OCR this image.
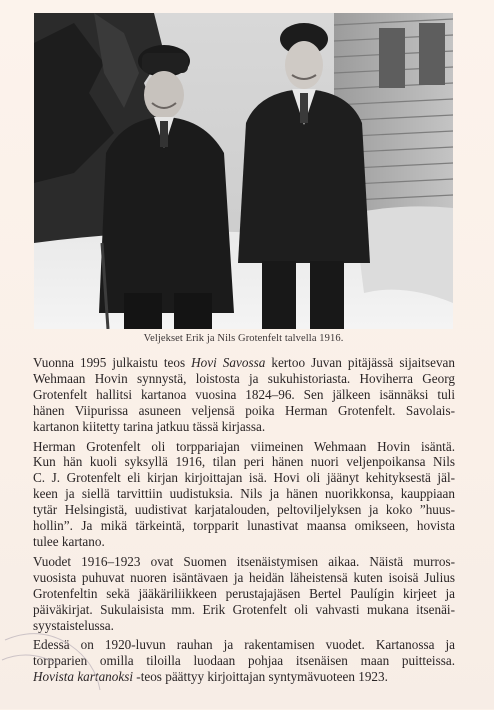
Veljekset Erik ja Nils Grotenfelt talvella 1916.
Vuonna 1995 julkaistu teos Hovi Savossa kertoo Juvan pitäjässä sijaitsevan
Wehmaan Hovin synnystä, loistosta ja sukuhistoriasta. Hoviherra Georg
Grotenfelt hallitsi kartanoa vuosina 1824–96. Sen jälkeen isännäksi tuli
hänen Viipurissa asuneen veljensä poika Herman Grotenfelt. Savolais-
kartanon kiitetty tarina jatkuu tässä kirjassa.
Herman Grotenfelt oli torppariajan viimeinen Wehmaan Hovin isäntä.
Kun hän kuoli syksyllä 1916, tilan peri hänen nuori veljenpoikansa Nils
C. J. Grotenfelt eli kirjan kirjoittajan isä. Hovi oli jäänyt kehityksestä jäl-
keen ja siellä tarvittiin uudistuksia. Nils ja hänen nuorikkonsa, kauppiaan
tytär Helsingistä, uudistivat karjatalouden, peltoviljelyksen ja koko ”huus-
hollin”. Ja mikä tärkeintä, torpparit lunastivat maansa omikseen, hovista
tulee kartano.
Vuodet 1916–1923 ovat Suomen itsenäistymisen aikaa. Näistä murros-
vuosista puhuvat nuoren isäntävaen ja heidän läheistensä kuten isoisä Julius
Grotenfeltin sekä jääkäriliikkeen perustajajäsen Bertel Paulígin kirjeet ja
päiväkirjat. Sukulaisista mm. Erik Grotenfelt oli vahvasti mukana itsenäi-
syystaistelussa.
Edessä on 1920-luvun rauhan ja rakentamisen vuodet. Kartanossa ja
torpparien omilla tiloilla luodaan pohjaa itsenäisen maan puitteissa.
Hovista kartanoksi -teos päättyy kirjoittajan syntymävuoteen 1923.
